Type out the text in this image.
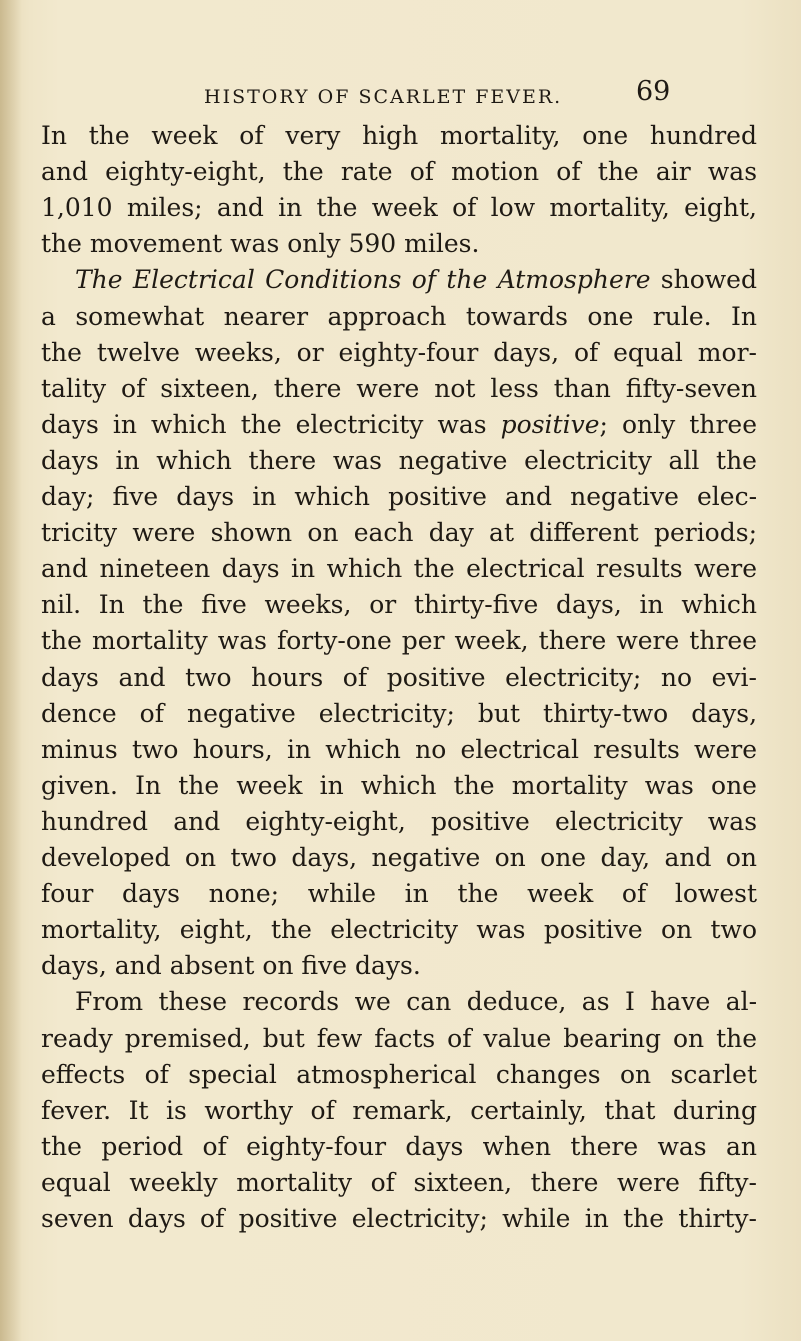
HISTORY OF SCARLET FEVER.	69
In the week of very high mortality, one hundred
and eighty-eight, the rate of motion of the air was
1,010 miles; and in the week of low mortality, eight,
the movement was only 590 miles.
The Electrical Conditions of the Atmosphere showed
a somewhat nearer approach towards one rule. In
the twelve weeks, or eighty-four days, of equal mor-
tality of sixteen, there were not less than fifty-seven
days in which the electricity was positive; only three
days in which there was negative electricity all the
day; five days in which positive and negative elec-
tricity were shown on each day at different periods;
and nineteen days in which the electrical results were
nil. In the five weeks, or thirty-five days, in which
the mortality was forty-one per week, there were three
days and two hours of positive electricity; no evi-
dence of negative electricity; but thirty-two days,
minus two hours, in which no electrical results were
given. In the week in which the mortality was one
hundred and eighty-eight, positive electricity was
developed on two days, negative on one day, and on
four days none; while in the week of lowest
mortality, eight, the electricity was positive on two
days, and absent on five days.
From these records we can deduce, as I have al-
ready premised, but few facts of value bearing on the
effects of special atmospherical changes on scarlet
fever. It is worthy of remark, certainly, that during
the period of eighty-four days when there was an
equal weekly mortality of sixteen, there were fifty-
seven days of positive electricity; while in the thirty-
